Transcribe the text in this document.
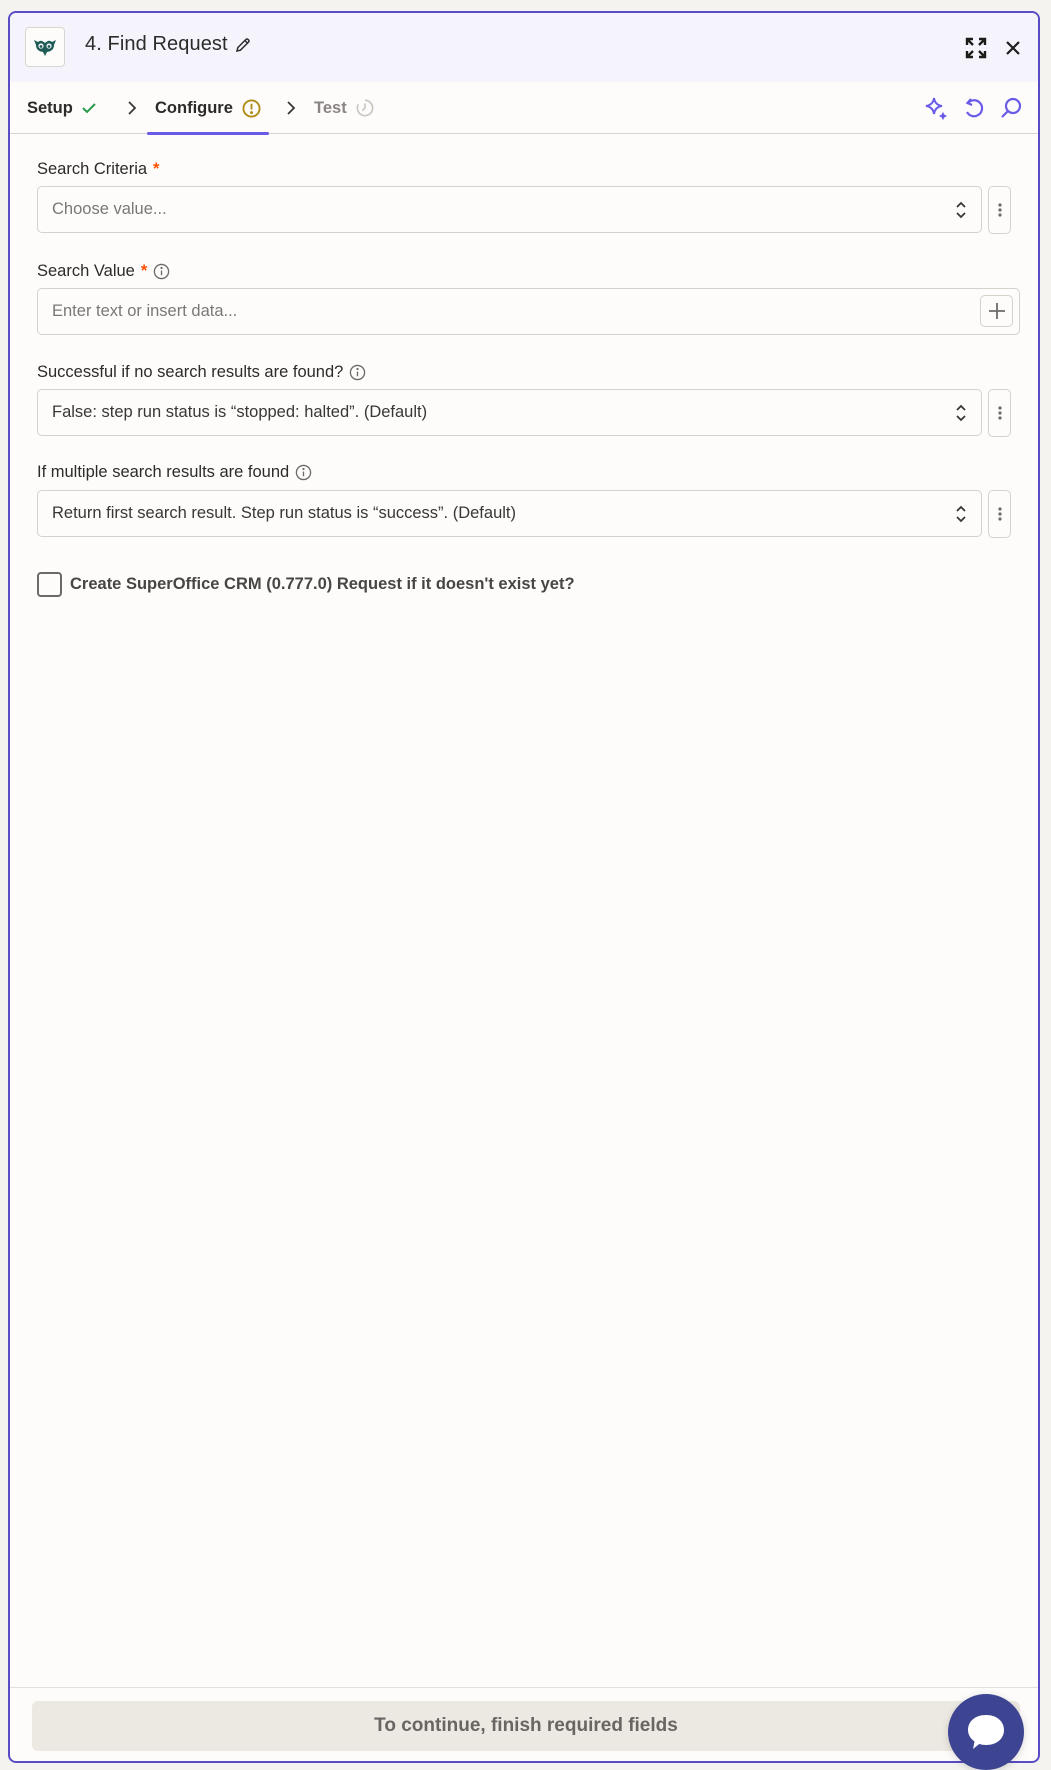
4. Find Request
Setup	Configure	Test
Search Criteria *
Choose value...
Search Value *
Enter text or insert data...
Successful if no search results are found?
False: step run status is “stopped: halted”. (Default)
If multiple search results are found
Return first search result. Step run status is “success”. (Default)
Create SuperOffice CRM (0.777.0) Request if it doesn't exist yet?
To continue, finish required fields
